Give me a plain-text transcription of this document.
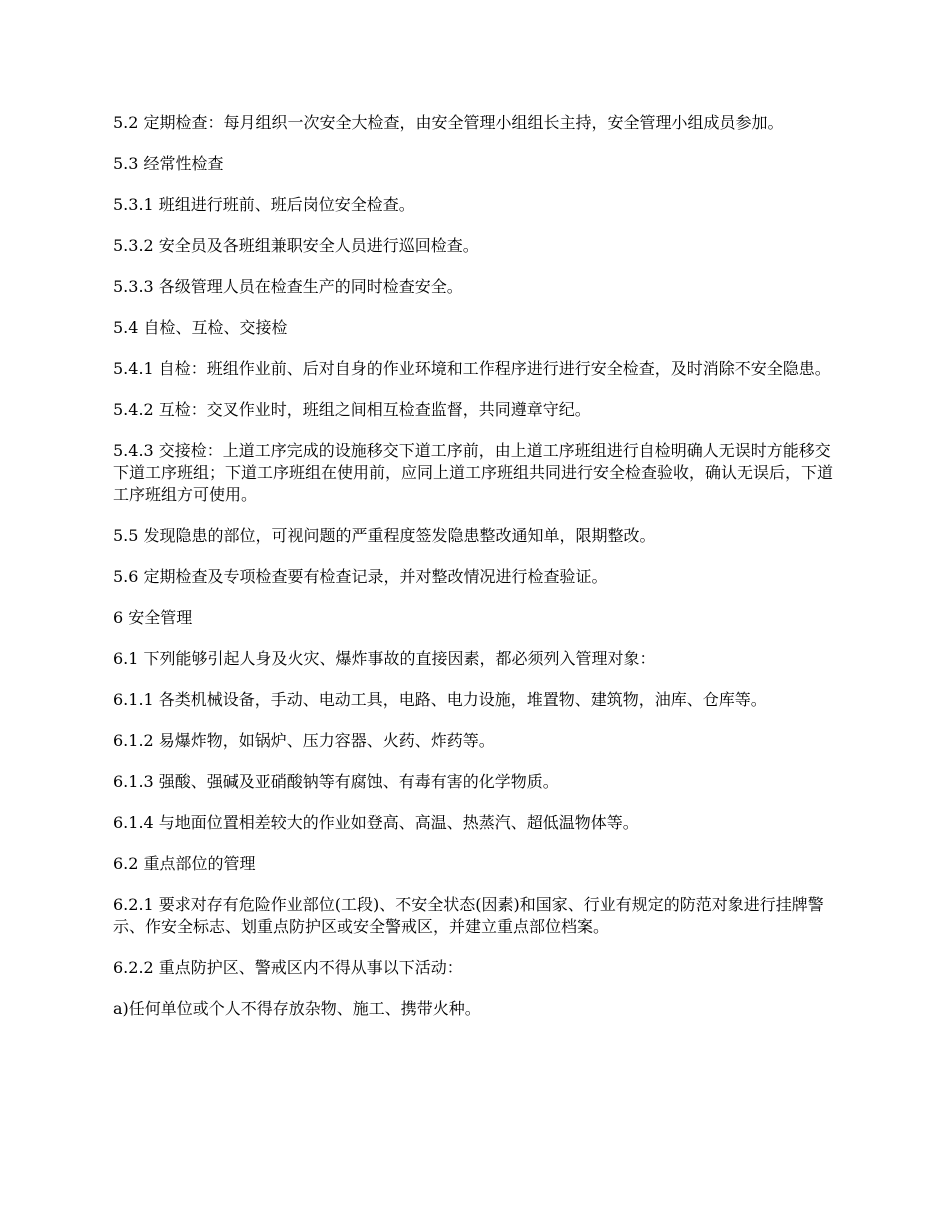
5.2 定期检查：每月组织一次安全大检查，由安全管理小组组长主持，安全管理小组成员参加。

5.3 经常性检查

5.3.1 班组进行班前、班后岗位安全检查。

5.3.2 安全员及各班组兼职安全人员进行巡回检查。

5.3.3 各级管理人员在检查生产的同时检查安全。

5.4 自检、互检、交接检

5.4.1 自检：班组作业前、后对自身的作业环境和工作程序进行进行安全检查，及时消除不安全隐患。

5.4.2 互检：交叉作业时，班组之间相互检查监督，共同遵章守纪。

5.4.3 交接检：上道工序完成的设施移交下道工序前，由上道工序班组进行自检明确人无误时方能移交下道工序班组；下道工序班组在使用前，应同上道工序班组共同进行安全检查验收，确认无误后，下道工序班组方可使用。

5.5 发现隐患的部位，可视问题的严重程度签发隐患整改通知单，限期整改。

5.6 定期检查及专项检查要有检查记录，并对整改情况进行检查验证。

6 安全管理

6.1 下列能够引起人身及火灾、爆炸事故的直接因素，都必须列入管理对象：

6.1.1 各类机械设备，手动、电动工具，电路、电力设施，堆置物、建筑物，油库、仓库等。

6.1.2 易爆炸物，如锅炉、压力容器、火药、炸药等。

6.1.3 强酸、强碱及亚硝酸钠等有腐蚀、有毒有害的化学物质。

6.1.4 与地面位置相差较大的作业如登高、高温、热蒸汽、超低温物体等。

6.2 重点部位的管理

6.2.1 要求对存有危险作业部位(工段)、不安全状态(因素)和国家、行业有规定的防范对象进行挂牌警示、作安全标志、划重点防护区或安全警戒区，并建立重点部位档案。

6.2.2 重点防护区、警戒区内不得从事以下活动：

a)任何单位或个人不得存放杂物、施工、携带火种。
